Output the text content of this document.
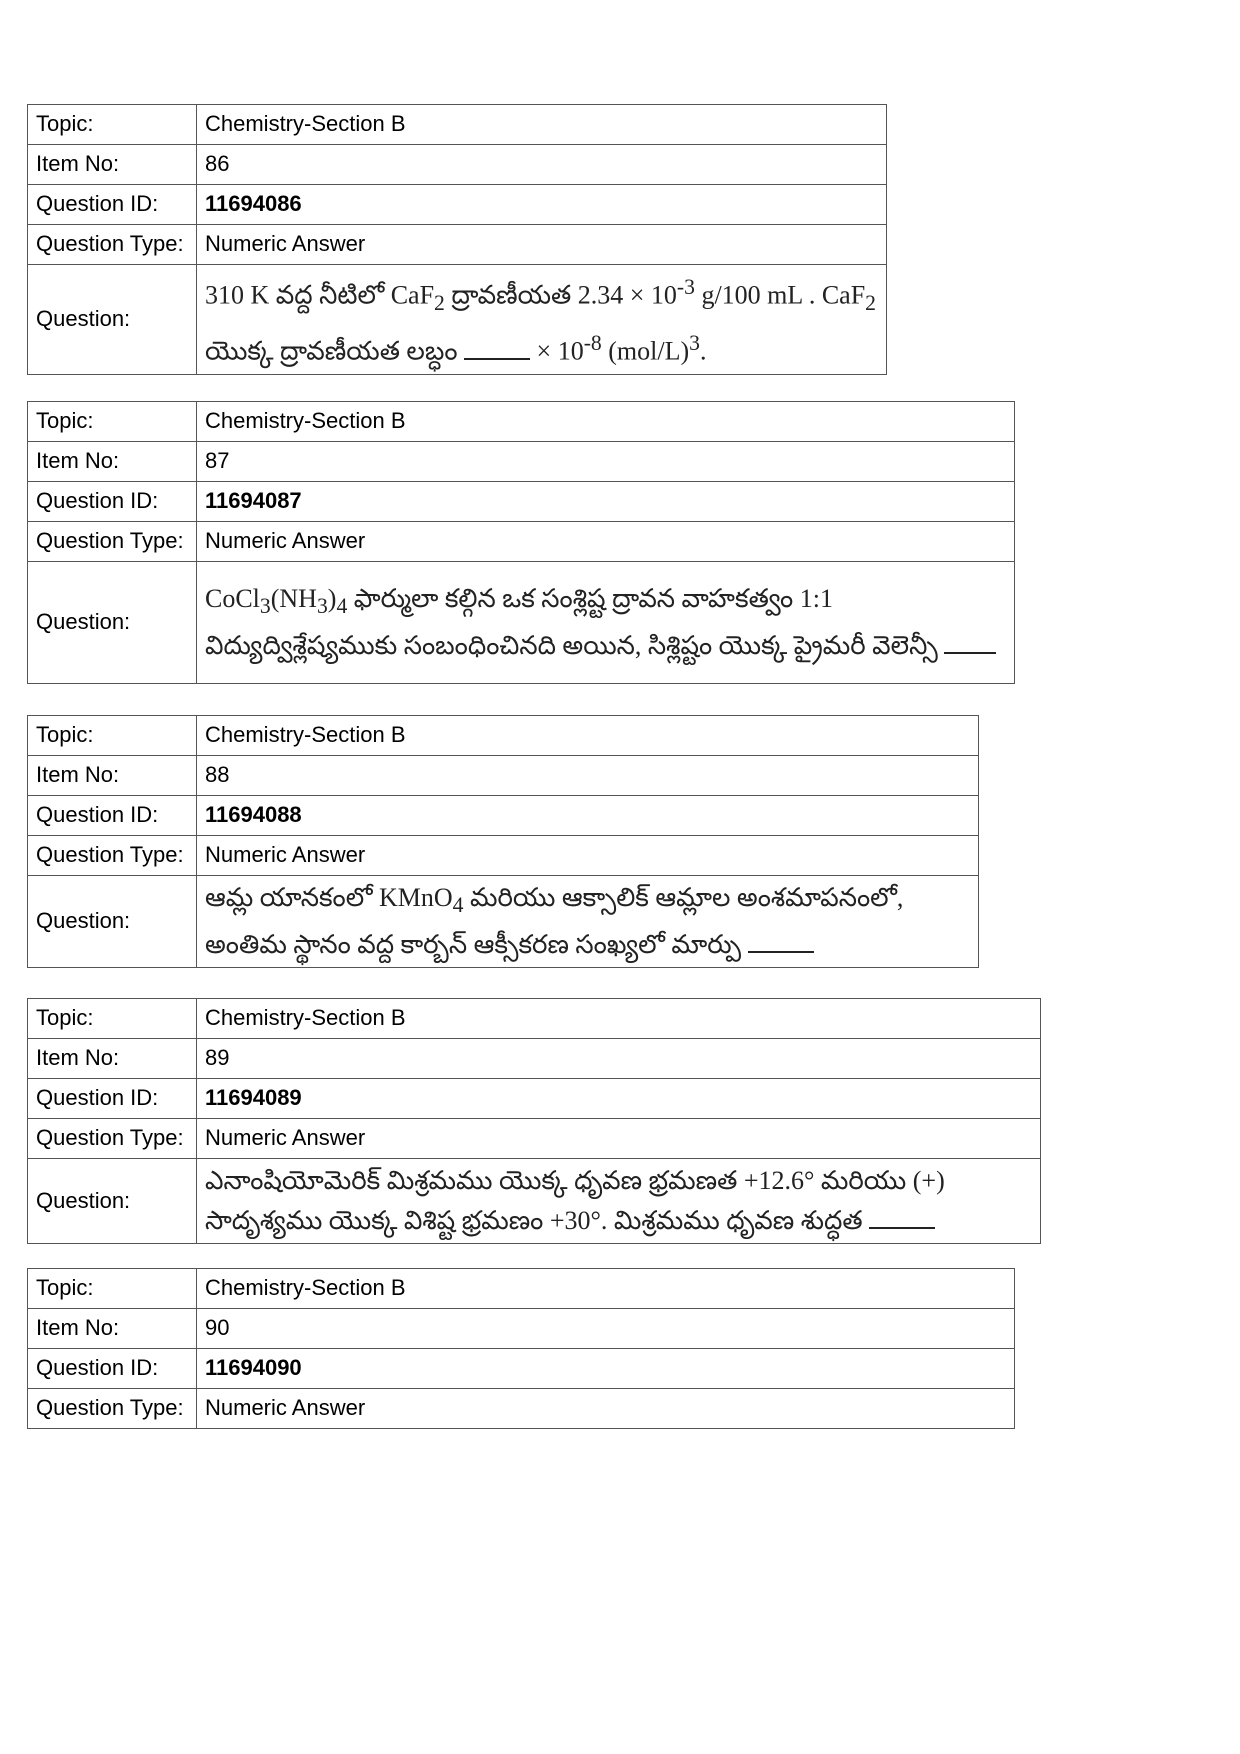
Topic:	Chemistry-Section B
Item No:	86
Question ID:	11694086
Question Type:	Numeric Answer
Question:	310 K వద్ద నీటిలో CaF$_2$ ద్రావణీయత $2.34 \times 10^{-3}$ g/100 mL . CaF$_2$ యొక్క ద్రావణీయత లబ్ధం × $10^{-8}$ $(mol/L)^3$.
Topic:	Chemistry-Section B
Item No:	87
Question ID:	11694087
Question Type:	Numeric Answer
Question:	$CoCl_3(NH_3)_4$ ఫార్ములా కల్గిన ఒక సంశ్లిష్ట ద్రావన వాహకత్వం 1:1 విద్యుద్విశ్లేష్యముకు సంబంధించినది అయిన, సిశ్లిష్టం యొక్క ప్రైమరీ వెలెన్సీ
Topic:	Chemistry-Section B
Item No:	88
Question ID:	11694088
Question Type:	Numeric Answer
Question:	ఆమ్ల యానకంలో KMnO$_4$ మరియు ఆక్సాలిక్ ఆమ్లాల అంశమాపనంలో, అంతిమ స్థానం వద్ద కార్బన్ ఆక్సీకరణ సంఖ్యలో మార్పు
Topic:	Chemistry-Section B
Item No:	89
Question ID:	11694089
Question Type:	Numeric Answer
Question:	ఎనాంషియోమెరిక్ మిశ్రమము యొక్క ధృవణ భ్రమణత +12.6° మరియు (+) సాదృశ్యము యొక్క విశిష్ట భ్రమణం +30°. మిశ్రమము ధృవణ శుద్ధత
Topic:	Chemistry-Section B
Item No:	90
Question ID:	11694090
Question Type:	Numeric Answer
